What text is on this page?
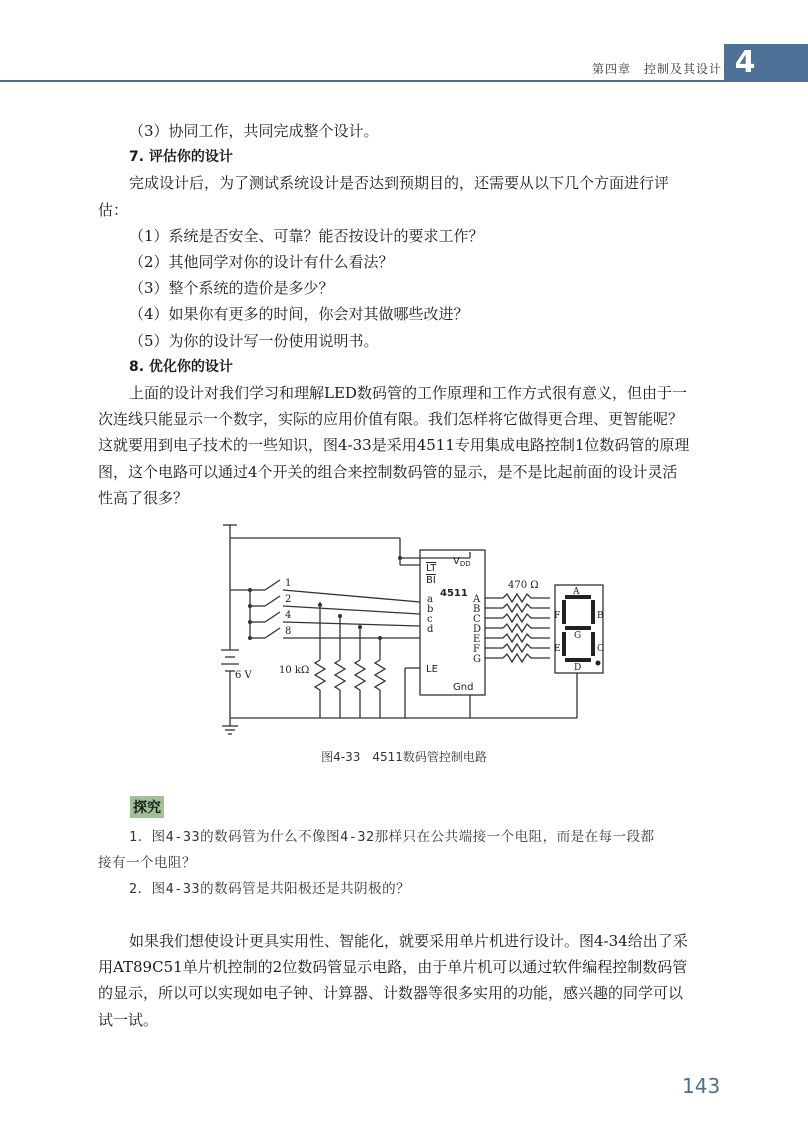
第四章　控制及其设计 4

（3）协同工作，共同完成整个设计。

7. 评估你的设计

完成设计后，为了测试系统设计是否达到预期目的，还需要从以下几个方面进行评

估：

（1）系统是否安全、可靠？能否按设计的要求工作？

（2）其他同学对你的设计有什么看法？

（3）整个系统的造价是多少？

（4）如果你有更多的时间，你会对其做哪些改进？

（5）为你的设计写一份使用说明书。

8. 优化你的设计

上面的设计对我们学习和理解LED数码管的工作原理和工作方式很有意义，但由于一

次连线只能显示一个数字，实际的应用价值有限。我们怎样将它做得更合理、更智能呢？

这就要用到电子技术的一些知识，图4-33是采用4511专用集成电路控制1位数码管的原理

图，这个电路可以通过4个开关的组合来控制数码管的显示，是不是比起前面的设计灵活

性高了很多？

1
2
4
8
6 V	10 kΩ
470 Ω
a
b
c
d
A
B
C
D
E
F
G
A
B
C
D
E
F
G
$V_{DD}$
LT
BI
4511
LE
Gnd
图4-33　4511数码管控制电路
探究

1．图4-33的数码管为什么不像图4-32那样只在公共端接一个电阻，而是在每一段都

接有一个电阻？

2．图4-33的数码管是共阳极还是共阴极的？

如果我们想使设计更具实用性、智能化，就要采用单片机进行设计。图4-34给出了采

用AT89C51单片机控制的2位数码管显示电路，由于单片机可以通过软件编程控制数码管

的显示，所以可以实现如电子钟、计算器、计数器等很多实用的功能，感兴趣的同学可以

试一试。

143
